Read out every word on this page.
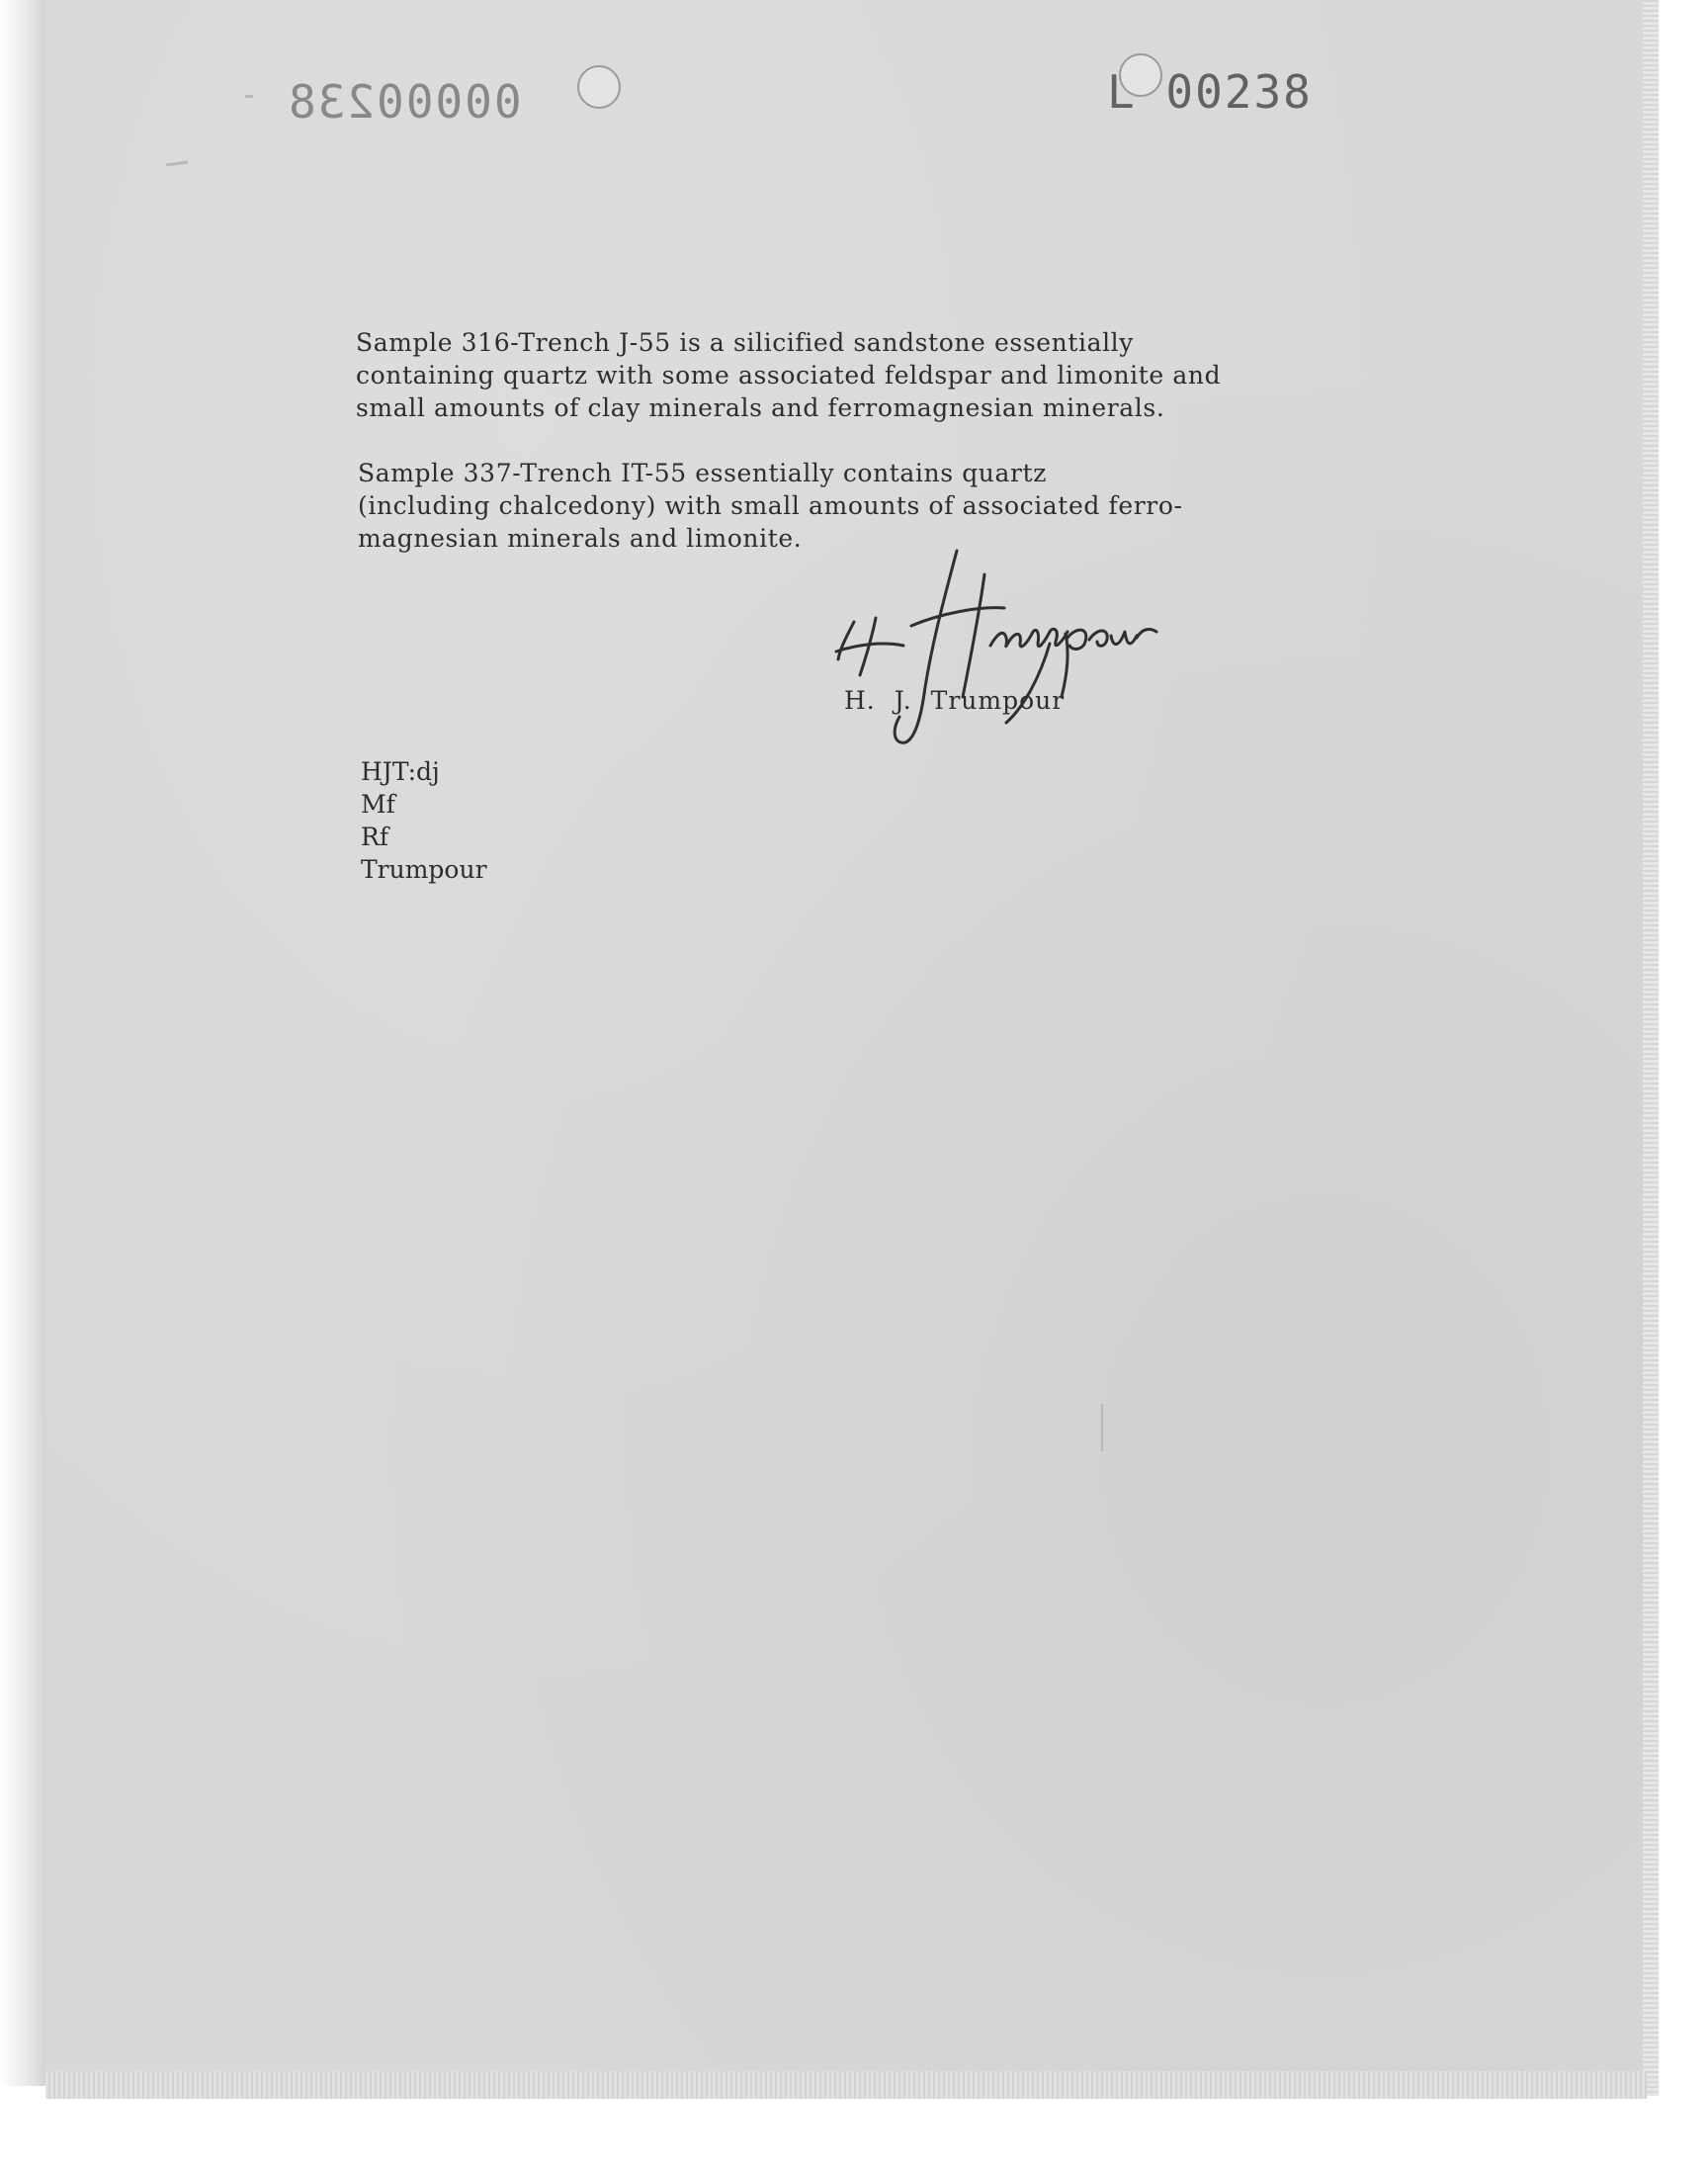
00000238	L 00238

Sample 316-Trench J-55 is a silicified sandstone essentially
containing quartz with some associated feldspar and limonite and
small amounts of clay minerals and ferromagnesian minerals.

Sample 337-Trench IT-55 essentially contains quartz
(including chalcedony) with small amounts of associated ferro-
magnesian minerals and limonite.

H. J. Trumpour
HJT:dj
Mf
Rf
Trumpour
